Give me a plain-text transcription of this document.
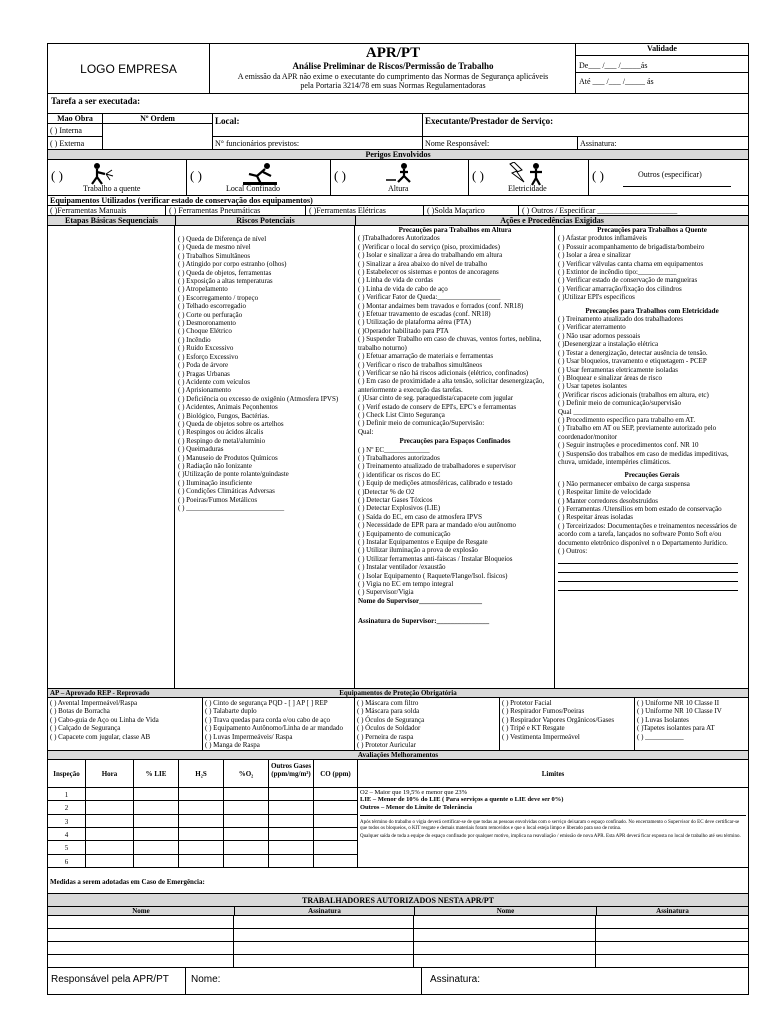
LOGO EMPRESA
APR/PT
Análise Preliminar de Riscos/Permissão de Trabalho
A emissão da APR não exime o executante do cumprimento das Normas de Segurança aplicáveis
pela Portaria 3214/78 em suas Normas Regulamentadoras
Validade
De___ /___ /_____ás
Até ___ /___ /_____ ás
Tarefa a ser executada:
Mao Obra	Nº Ordem
( ) Interna
( ) Externa
Local:
N° funcionários previstos:
Executante/Prestador de Serviço:
Nome Responsável:	Assinatura:
Perigos Envolvidos
( )
Trabalho a quente
( )
Local Confinado
( )
Altura
( )
Eletricidade
( )	Outros (especificar)
Equipamentos Utilizados (verificar estado de conservação dos equipamentos)
( )Ferramentas Manuais	( ) Ferramentas Pneumáticas	( )Ferramentas Elétricas	( )Solda Maçarico	( ) Outros / Especificar ____________________
Etapas Básicas Sequenciais	Riscos Potenciais	Ações e Procedências Exigidas
( ) Queda de Diferença de nível
( ) Queda de mesmo nível
( ) Trabalhos Simultâneos
( ) Atingido por corpo estranho (olhos)
( ) Queda de objetos, ferramentas
( ) Exposição a altas temperaturas
( ) Atropelamento
( ) Escorregamento / tropeço
( ) Telhado escorregadio
( ) Corte ou perfuração
( ) Desmoronamento
( ) Choque Elétrico
( ) Incêndio
( ) Ruído Excessivo
( ) Esforço Excessivo
( ) Poda de árvore
( ) Pragas Urbanas
( ) Acidente com veículos
( ) Aprisionamento
( ) Deficiência ou excesso de oxigênio (Atmosfera IPVS)
( ) Acidentes, Animais Peçonhentos
( ) Biológico, Fungos, Bactérias.
( ) Queda de objetos sobre os artelhos
( ) Respingos ou ácidos álcalis
( ) Respingo de metal/alumínio
( ) Queimaduras
( ) Manuseio de Produtos Químicos
( ) Radiação não Ionizante
( )Utilização de ponte rolante/guindaste
( ) Iluminação insuficiente
( ) Condições Climáticas Adversas
( ) Poeiras/Fumos Metálicos
( ) ____________________________
Precauções para Trabalhos em Altura
( )Trabalhadores Autorizados
( )Verificar o local do serviço (piso, proximidades)
( ) Isolar e sinalizar a área do trabalhando em altura
( ) Sinalizar a área abaixo do nível de trabalho
( ) Estabelecer os sistemas e pontos de ancoragens
( ) Linha de vida de cordas
( ) Linha de vida de cabo de aço
( ) Verificar Fator de Queda:__________________
( ) Montar andaimes bem travados e forrados (conf. NR18)
( ) Efetuar travamento de escadas (conf. NR18)
( ) Utilização de plataforma aérea (PTA)
( )Operador habilitado para PTA
( ) Suspender Trabalho em caso de chuvas, ventos fortes, neblina, trabalho noturno)
( ) Efetuar amarração de materiais e ferramentas
( ) Verificar o risco de trabalhos simultâneos
( ) Verificar se não há riscos adicionais (elétrico, confinados)
( ) Em caso de proximidade a alta tensão, solicitar desenergização, anteriormente a execução das tarefas.
( )Usar cinto de seg. paraquedista/capacete com jugular
( ) Verif estado de conserv de EPI's, EPC's e ferramentas
( ) Check List Cinto Segurança
( ) Definir meio de comunicação/Supervisão:
Qual:
Precauções para Espaços Confinados
( ) Nº EC_____________
( ) Trabalhadores autorizados
( ) Treinamento atualizado de trabalhadores e supervisor
( ) identificar os riscos do EC
( ) Equip de medições atmosféricas, calibrado e testado
( )Detectar % de O2
( ) Detectar Gases Tóxicos
( ) Detectar Explosivos (LIE)
( ) Saída do EC, em caso de atmosfera IPVS
( ) Necessidade de EPR para ar mandado e/ou autônomo
( ) Equipamento de comunicação
( ) Instalar Equipamentos e Equipe de Resgate
( ) Utilizar iluminação a prova de explosão
( ) Utilizar ferramentas anti-faiscas / Instalar Bloqueios
( ) Instalar ventilador /exaustão
( ) Isolar Equipamento ( Raquete/Flange/Isol. físicos)
( ) Vigia no EC em tempo integral
( ) Supervisor/Vigia
Nome do Supervisor__________________
Assinatura do Supervisor:_______________
Precauções para Trabalhos a Quente
( ) Afastar produtos inflamáveis
( ) Possuir acompanhamento de brigadista/bombeiro
( ) Isolar a área e sinalizar
( ) Verificar válvulas canta chama em equipamentos
( ) Extintor de incêndio tipo:___________
( ) Verificar estado de conservação de mangueiras
( ) Verificar amarração/fixação dos cilindros
( )Utilizar EPI's específicos
Precauções para Trabalhos com Eletricidade
( ) Treinamento atualizado dos trabalhadores
( ) Verificar aterramento
( ) Não usar adornos pessoais
( )Desenergizar a instalação elétrica
( ) Testar a denergização, detectar ausência de tensão.
( ) Usar bloqueios, travamento e etiquetagem - PCEP
( ) Usar ferramentas eletricamente isoladas
( ) Bloquear e sinalizar áreas de risco
( ) Usar tapetes isolantes
( )Verificar riscos adicionais (trabalhos em altura, etc)
( ) Definir meio de comunicação/supervisão
Qual _________________________________
( ) Procedimento específico para trabalho em AT.
( ) Trabalho em AT ou SEP, previamente autorizado pelo coordenador/monitor
( ) Seguir instruções e procedimentos conf. NR 10
( ) Suspensão dos trabalhos em caso de medidas impeditivas, chuva, umidade, intempéries climáticos.
Precauções Gerais
( ) Não permanecer embaixo de carga suspensa
( ) Respeitar limite de velocidade
( ) Manter corredores desobstruídos
( ) Ferramentas /Utensílios em bom estado de conservação
( ) Respeitar áreas isoladas
( ) Terceirizados: Documentações e treinamentos necessários de acordo com a tarefa, lançados no software Ponto Soft e/ou documento eletrônico disponível n o Departamento Jurídico.
( ) Outros:
AP – Aprovado REP - Reprovado	Equipamentos de Proteção Obrigatória
( ) Avental Impermeável/Raspa
( ) Botas de Borracha
( ) Cabo-guia de Aço ou Linha de Vida
( ) Calçado de Segurança
( ) Capacete com jugular, classe AB
( ) Cinto de segurança PQD - [ ] AP [ ] REP
( ) Talabarte duplo
( ) Trava quedas para corda e/ou cabo de aço
( ) Equipamento Autônomo/Linha de ar mandado
( ) Luvas Impermeáveis/ Raspa
( ) Manga de Raspa
( ) Máscara com filtro
( ) Máscara para solda
( ) Óculos de Segurança
( ) Óculos de Soldador
( ) Perneira de raspa
( ) Protetor Auricular
( ) Protetor Facial
( ) Respirador Fumos/Poeiras
( ) Respirador Vapores Orgânicos/Gases
( ) Tripé e KT Resgate
( ) Vestimenta Impermeável
( ) Uniforme NR 10 Classe II
( ) Uniforme NR 10 Classe IV
( ) Luvas Isolantes
( )Tapetes isolantes para AT
( ) ___________
Avaliações Melhoramentos
Inspeção	Hora	% LIE	H₂S	%O₂
Outros Gases (ppm/mg/m³)	CO (ppm)	Limites
1
2
3
4
5
6
O2 – Maior que 19,5% e menor que 23%
LIE – Menor de 10% do LIE ( Para serviços a quente o LIE deve ser 0%)
Outros – Menor do Limite de Tolerância
Após término do trabalho o vigia deverá certificar-se de que todas as pessoas envolvidas com o serviço deixaram o espaço confinado. No encerramento o Supervisor do EC deve certificar-se que todos os bloqueios, o KIT resgate e demais materiais foram removidos e que o local esteja limpo e liberado para uso de rotina.
Qualquer saída de toda a equipe do espaço confinado por qualquer motivo, implica na reavaliação / emissão de nova APR. Esta APR deverá ficar exposta no local de trabalho até seu término.
Medidas a serem adotadas em Caso de Emergência:
TRABALHADORES AUTORIZADOS NESTA APR/PT
Nome	Assinatura	Nome	Assinatura
Responsável pela APR/PT	Nome:	Assinatura:
